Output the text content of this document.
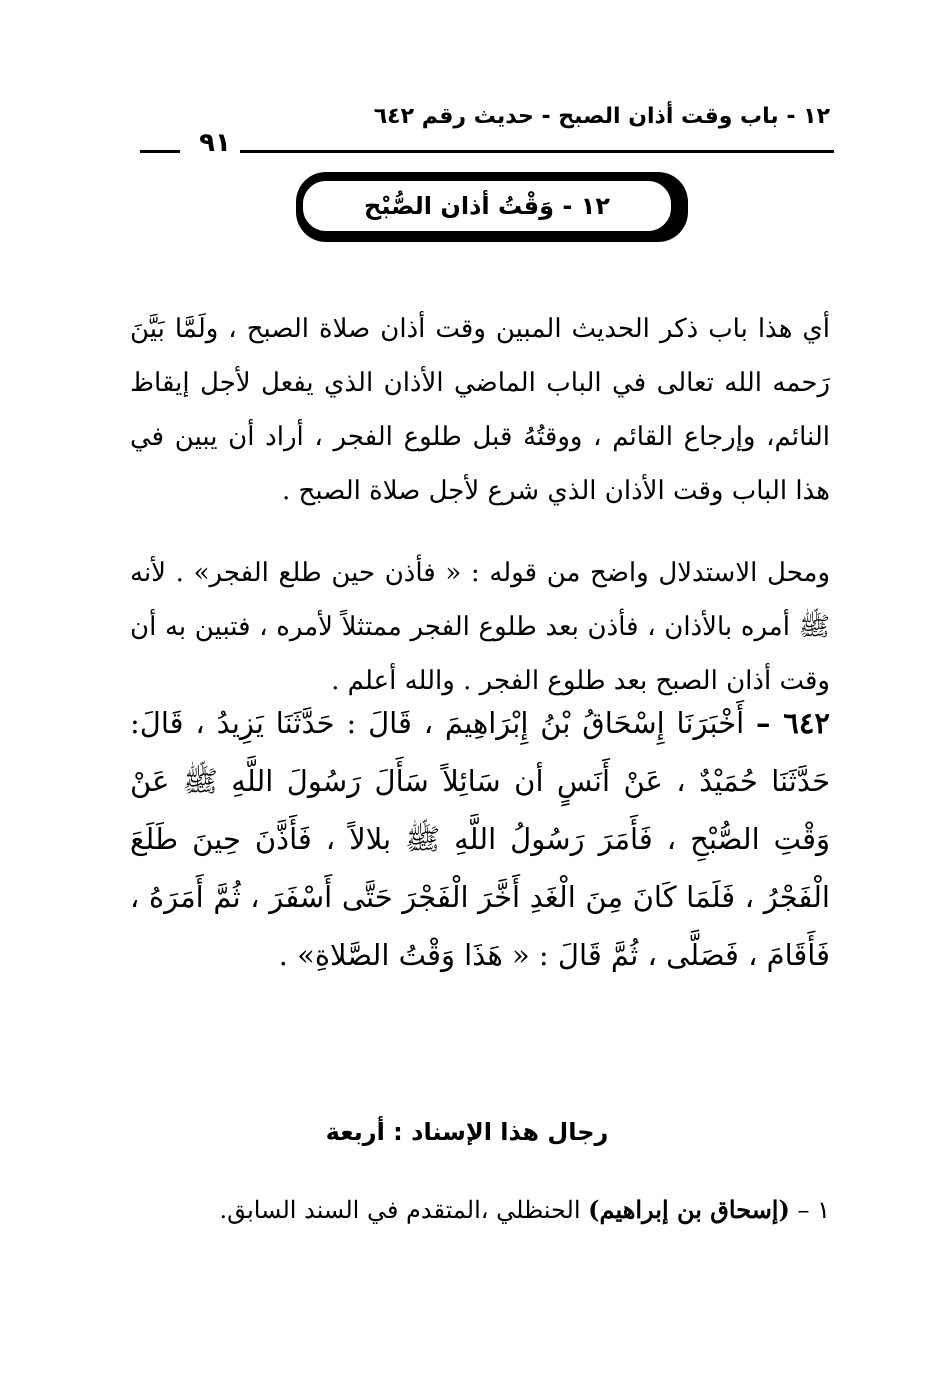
١٢ - باب وقت أذان الصبح - حديث رقم ٦٤٢
٩١
١٢ - وَقْتُ أذان الصُّبْح

أي هذا باب ذكر الحديث المبين وقت أذان صلاة الصبح ، ولَمَّا بَيَّنَ رَحمه الله تعالى في الباب الماضي الأذان الذي يفعل لأجل إيقاظ النائم، وإرجاع القائم ، ووقتُهُ قبل طلوع الفجر ، أراد أن يبين في هذا الباب وقت الأذان الذي شرع لأجل صلاة الصبح .

ومحل الاستدلال واضح من قوله : « فأذن حين طلع الفجر» . لأنه ﷺ أمره بالأذان ، فأذن بعد طلوع الفجر ممتثلاً لأمره ، فتبين به أن وقت أذان الصبح بعد طلوع الفجر . والله أعلم .

٦٤٢ – أَخْبَرَنَا إِسْحَاقُ بْنُ إِبْرَاهِيمَ ، قَالَ : حَدَّثَنَا يَزِيدُ ، قَالَ: حَدَّثَنَا حُمَيْدٌ ، عَنْ أَنَسٍ أن سَائِلاً سَأَلَ رَسُولَ اللَّهِ ﷺ عَنْ وَقْتِ الصُّبْحِ ، فَأَمَرَ رَسُولُ اللَّهِ ﷺ بلالاً ، فَأَذَّنَ حِينَ طَلَعَ الْفَجْرُ ، فَلَمَا كَانَ مِنَ الْغَدِ أَخَّرَ الْفَجْرَ حَتَّى أَسْفَرَ ، ثُمَّ أَمَرَهُ ، فَأَقَامَ ، فَصَلَّى ، ثُمَّ قَالَ : « هَذَا وَقْتُ الصَّلاةِ» .
رجال هذا الإسناد : أربعة
١ – (إسحاق بن إبراهيم) الحنظلي ،المتقدم في السند السابق.
